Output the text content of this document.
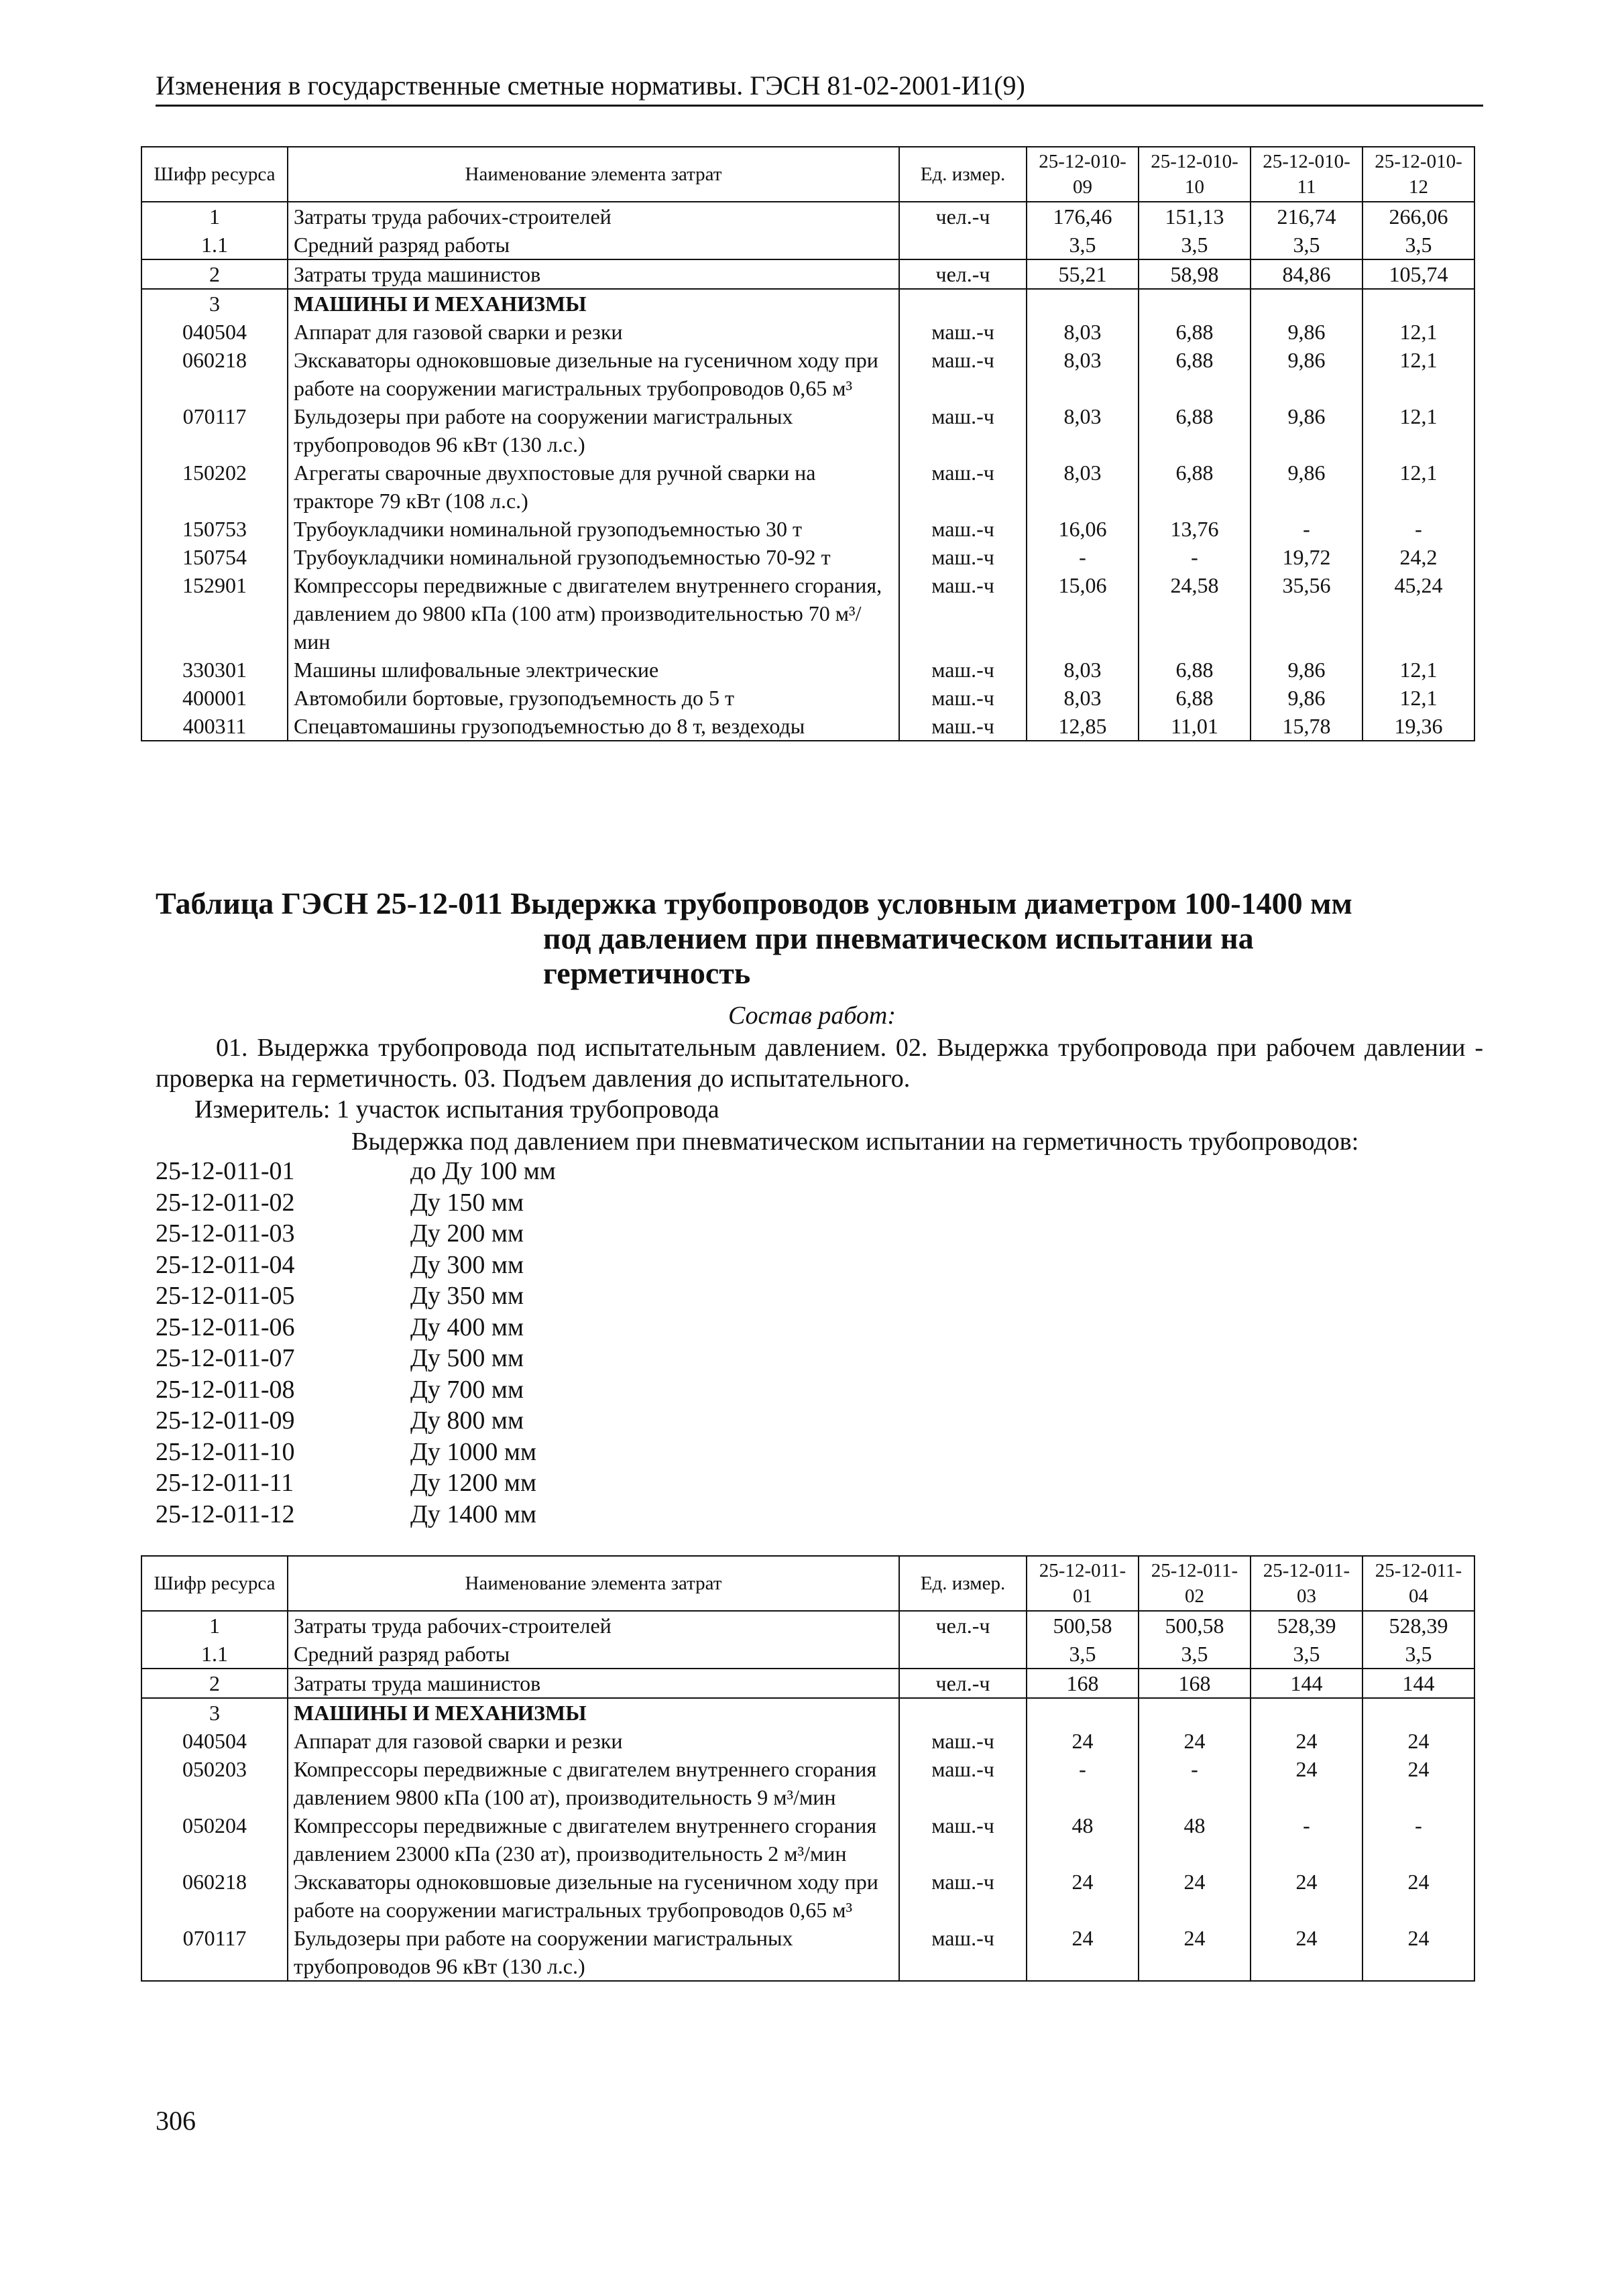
Изменения в государственные сметные нормативы. ГЭСН 81-02-2001-И1(9)
Шифр ресурса	Наименование элемента затрат	Ед. измер.	25-12-010-09	25-12-010-10	25-12-010-11	25-12-010-12
1	Затраты труда рабочих-строителей	чел.-ч	176,46	151,13	216,74	266,06
1.1	Средний разряд работы		3,5	3,5	3,5	3,5
2	Затраты труда машинистов	чел.-ч	55,21	58,98	84,86	105,74
3	МАШИНЫ И МЕХАНИЗМЫ					
040504	Аппарат для газовой сварки и резки	маш.-ч	8,03	6,88	9,86	12,1
060218	Экскаваторы одноковшовые дизельные на гусеничном ходу при работе на сооружении магистральных трубопроводов 0,65 м³	маш.-ч	8,03	6,88	9,86	12,1
070117	Бульдозеры при работе на сооружении магистральных трубопроводов 96 кВт (130 л.с.)	маш.-ч	8,03	6,88	9,86	12,1
150202	Агрегаты сварочные двухпостовые для ручной сварки на тракторе 79 кВт (108 л.с.)	маш.-ч	8,03	6,88	9,86	12,1
150753	Трубоукладчики номинальной грузоподъемностью 30 т	маш.-ч	16,06	13,76	-	-
150754	Трубоукладчики номинальной грузоподъемностью 70-92 т	маш.-ч	-	-	19,72	24,2
152901	Компрессоры передвижные с двигателем внутреннего сгорания, давлением до 9800 кПа (100 атм) производительностью 70 м³/мин	маш.-ч	15,06	24,58	35,56	45,24
330301	Машины шлифовальные электрические	маш.-ч	8,03	6,88	9,86	12,1
400001	Автомобили бортовые, грузоподъемность до 5 т	маш.-ч	8,03	6,88	9,86	12,1
400311	Спецавтомашины грузоподъемностью до 8 т, вездеходы	маш.-ч	12,85	11,01	15,78	19,36
Таблица ГЭСН 25-12-011 Выдержка трубопроводов условным диаметром 100-1400 мм
под давлением при пневматическом испытании на
герметичность
Состав работ:
01. Выдержка трубопровода под испытательным давлением. 02. Выдержка трубопровода при рабочем давлении - проверка на герметичность. 03. Подъем давления до испытательного.
Измеритель: 1 участок испытания трубопровода
Выдержка под давлением при пневматическом испытании на герметичность трубопроводов:
25-12-011-01	до Ду 100 мм
25-12-011-02	Ду 150 мм
25-12-011-03	Ду 200 мм
25-12-011-04	Ду 300 мм
25-12-011-05	Ду 350 мм
25-12-011-06	Ду 400 мм
25-12-011-07	Ду 500 мм
25-12-011-08	Ду 700 мм
25-12-011-09	Ду 800 мм
25-12-011-10	Ду 1000 мм
25-12-011-11	Ду 1200 мм
25-12-011-12	Ду 1400 мм
Шифр ресурса	Наименование элемента затрат	Ед. измер.	25-12-011-01	25-12-011-02	25-12-011-03	25-12-011-04
1	Затраты труда рабочих-строителей	чел.-ч	500,58	500,58	528,39	528,39
1.1	Средний разряд работы		3,5	3,5	3,5	3,5
2	Затраты труда машинистов	чел.-ч	168	168	144	144
3	МАШИНЫ И МЕХАНИЗМЫ					
040504	Аппарат для газовой сварки и резки	маш.-ч	24	24	24	24
050203	Компрессоры передвижные с двигателем внутреннего сгорания давлением 9800 кПа (100 ат), производительность 9 м³/мин	маш.-ч	-	-	24	24
050204	Компрессоры передвижные с двигателем внутреннего сгорания давлением 23000 кПа (230 ат), производительность 2 м³/мин	маш.-ч	48	48	-	-
060218	Экскаваторы одноковшовые дизельные на гусеничном ходу при работе на сооружении магистральных трубопроводов 0,65 м³	маш.-ч	24	24	24	24
070117	Бульдозеры при работе на сооружении магистральных трубопроводов 96 кВт (130 л.с.)	маш.-ч	24	24	24	24
306
